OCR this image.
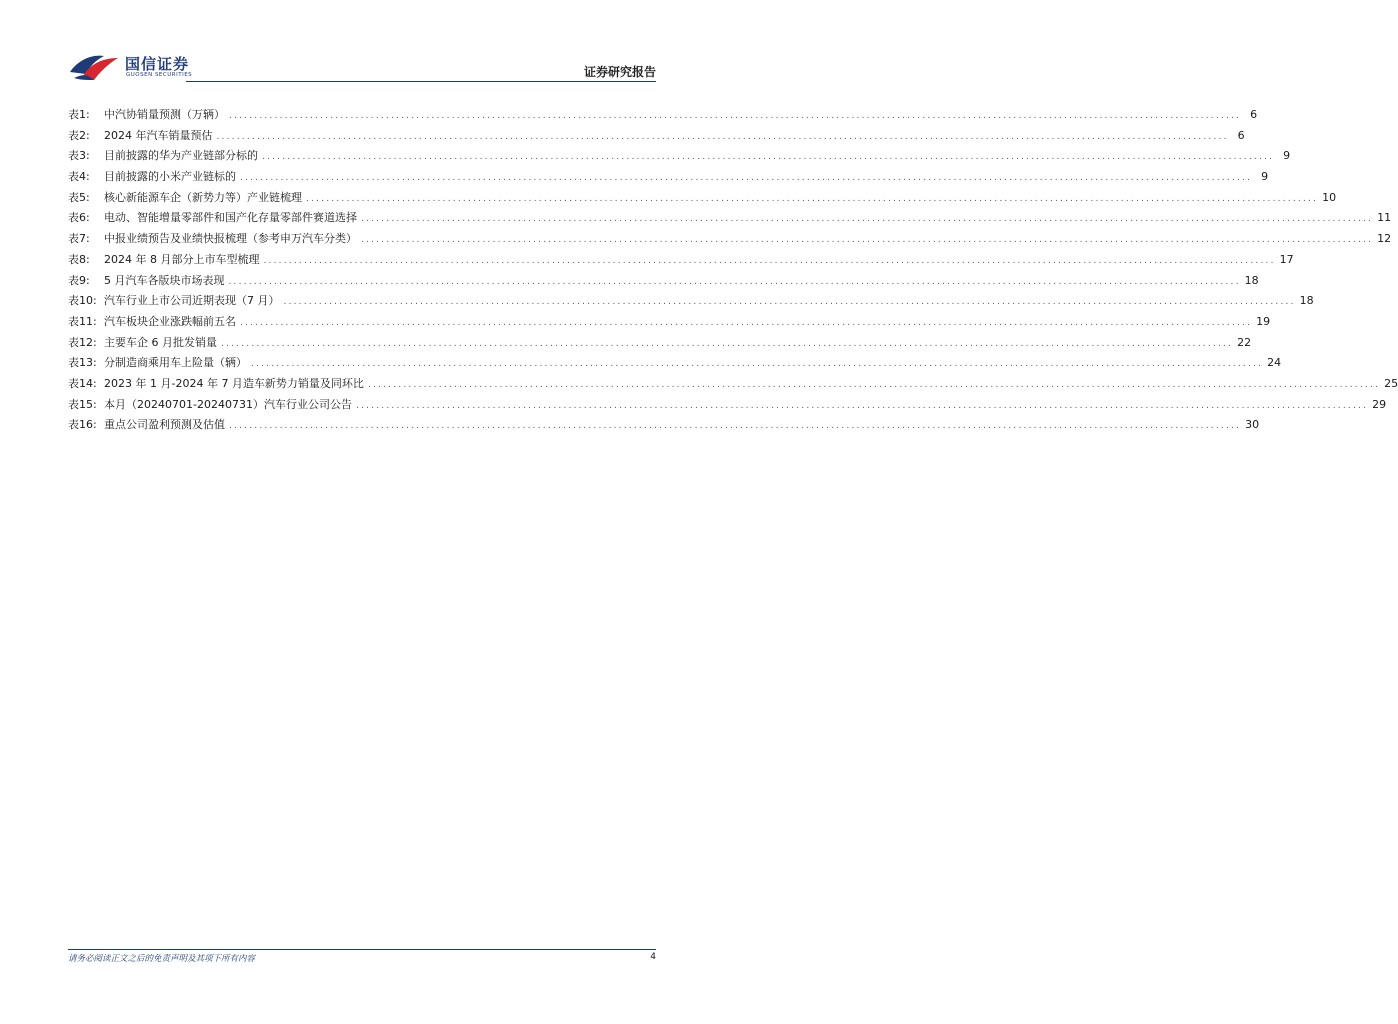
国信证券
GUOSEN SECURITIES	证券研究报告
表1:	中汽协销量预测（万辆） ........................................................................................................................................................................................................ 6
表2:	2024 年汽车销量预估 ........................................................................................................................................................................................................ 6
表3:	目前披露的华为产业链部分标的 ........................................................................................................................................................................................................ 9
表4:	目前披露的小米产业链标的 ........................................................................................................................................................................................................ 9
表5:	核心新能源车企（新势力等）产业链梳理 ........................................................................................................................................................................................................ 10
表6:	电动、智能增量零部件和国产化存量零部件赛道选择 ........................................................................................................................................................................................................ 11
表7:	中报业绩预告及业绩快报梳理（参考申万汽车分类） ........................................................................................................................................................................................................ 12
表8:	2024 年 8 月部分上市车型梳理 ........................................................................................................................................................................................................ 17
表9:	5 月汽车各版块市场表现 ........................................................................................................................................................................................................ 18
表10: 汽车行业上市公司近期表现（7 月） ........................................................................................................................................................................................................ 18
表11: 汽车板块企业涨跌幅前五名 ........................................................................................................................................................................................................ 19
表12: 主要车企 6 月批发销量 ........................................................................................................................................................................................................ 22
表13: 分制造商乘用车上险量（辆） ........................................................................................................................................................................................................ 24
表14: 2023 年 1 月-2024 年 7 月造车新势力销量及同环比 ........................................................................................................................................................................................................ 25
表15: 本月（20240701-20240731）汽车行业公司公告 ........................................................................................................................................................................................................ 29
表16: 重点公司盈利预测及估值 ........................................................................................................................................................................................................ 30
请务必阅读正文之后的免责声明及其项下所有内容	4
